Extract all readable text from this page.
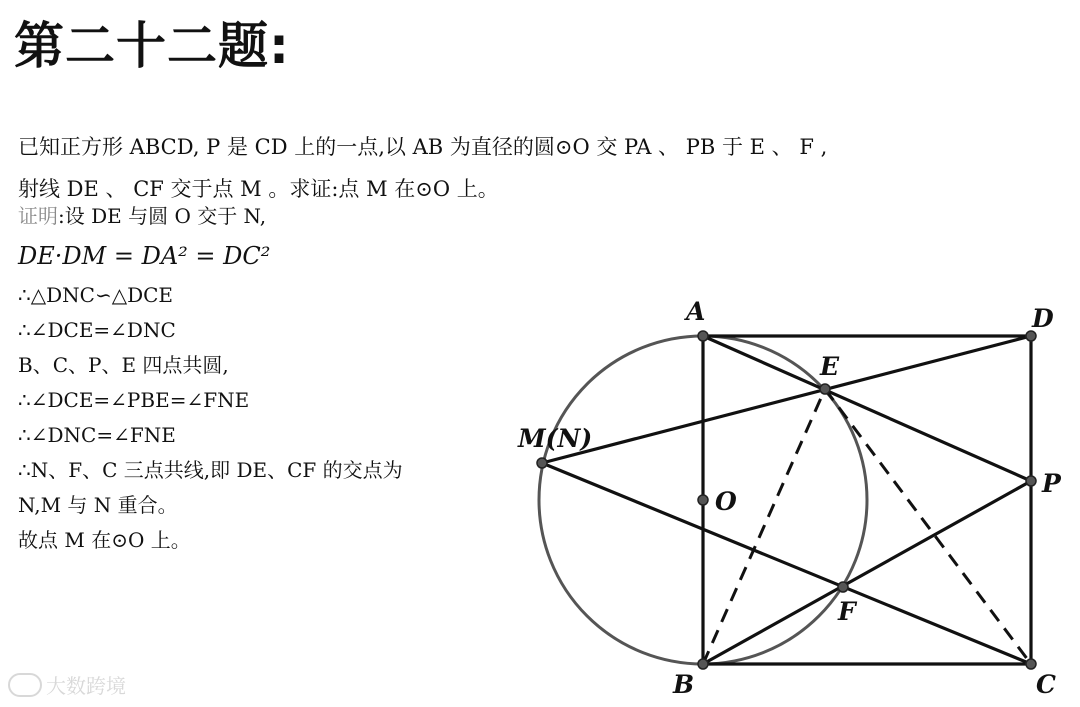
第二十二题:
已知正方形 ABCD, P 是 CD 上的一点,以 AB 为直径的圆⊙O 交 PA 、 PB 于 E 、 F ,
射线 DE 、 CF 交于点 M 。求证:点 M 在⊙O 上。
证明:设 DE 与圆 O 交于 N,
DE·DM = DA² = DC²
∴△DNC∽△DCE
∴∠DCE=∠DNC
B、C、P、E 四点共圆,
∴∠DCE=∠PBE=∠FNE
∴∠DNC=∠FNE
∴N、F、C 三点共线,即 DE、CF 的交点为
N,M 与 N 重合。
故点 M 在⊙O 上。
A	D
E
M(N)
P
O
F
B	C
大数跨境
